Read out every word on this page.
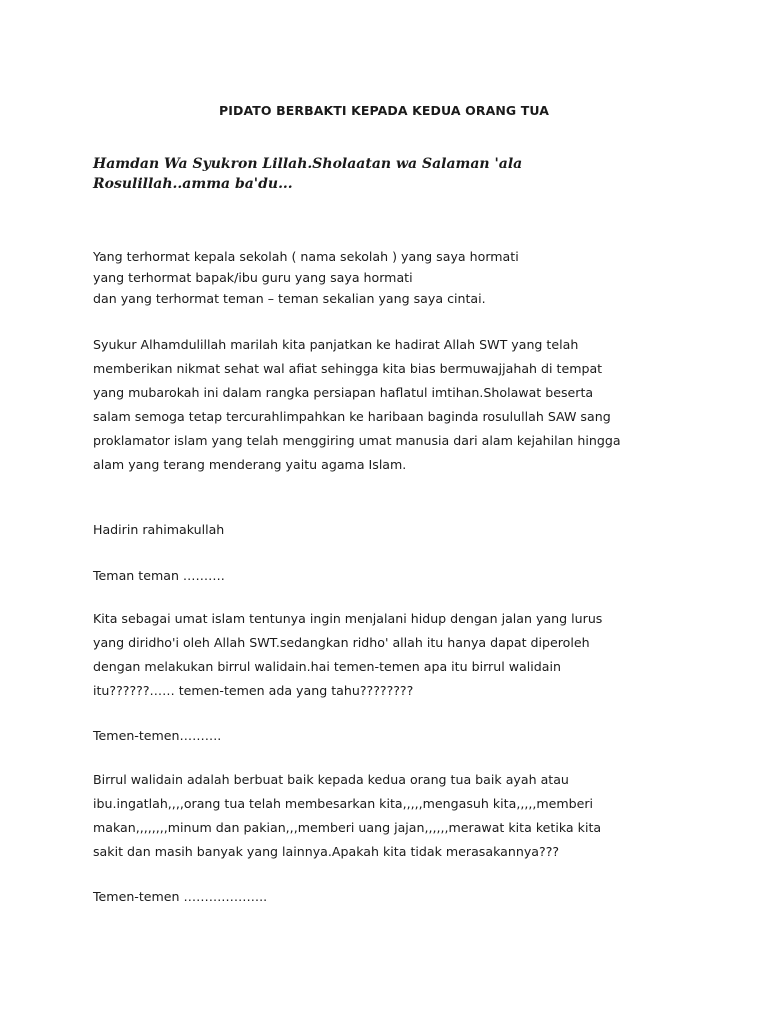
PIDATO BERBAKTI KEPADA KEDUA ORANG TUA
Hamdan Wa Syukron Lillah.Sholaatan wa Salaman 'ala
Rosulillah..amma ba'du...
Yang terhormat kepala sekolah ( nama sekolah ) yang saya hormati
yang terhormat bapak/ibu guru yang saya hormati
dan yang terhormat teman – teman sekalian yang saya cintai.
Syukur Alhamdulillah marilah kita panjatkan ke hadirat Allah SWT yang telah
memberikan nikmat sehat wal afiat sehingga kita bias bermuwajjahah di tempat
yang mubarokah ini dalam rangka persiapan haflatul imtihan.Sholawat beserta
salam semoga tetap tercurahlimpahkan ke haribaan baginda rosulullah SAW sang
proklamator islam yang telah menggiring umat manusia dari alam kejahilan hingga
alam yang terang menderang yaitu agama Islam.
Hadirin rahimakullah
Teman teman ……….
Kita sebagai umat islam tentunya ingin menjalani hidup dengan jalan yang lurus
yang diridho'i oleh Allah SWT.sedangkan ridho' allah itu hanya dapat diperoleh
dengan melakukan birrul walidain.hai temen-temen apa itu birrul walidain
itu??????…… temen-temen ada yang tahu????????
Temen-temen……….
Birrul walidain adalah berbuat baik kepada kedua orang tua baik ayah atau
ibu.ingatlah,,,,orang tua telah membesarkan kita,,,,,mengasuh kita,,,,,memberi
makan,,,,,,,,minum dan pakian,,,memberi uang jajan,,,,,,merawat kita ketika kita
sakit dan masih banyak yang lainnya.Apakah kita tidak merasakannya???
Temen-temen ………………..
